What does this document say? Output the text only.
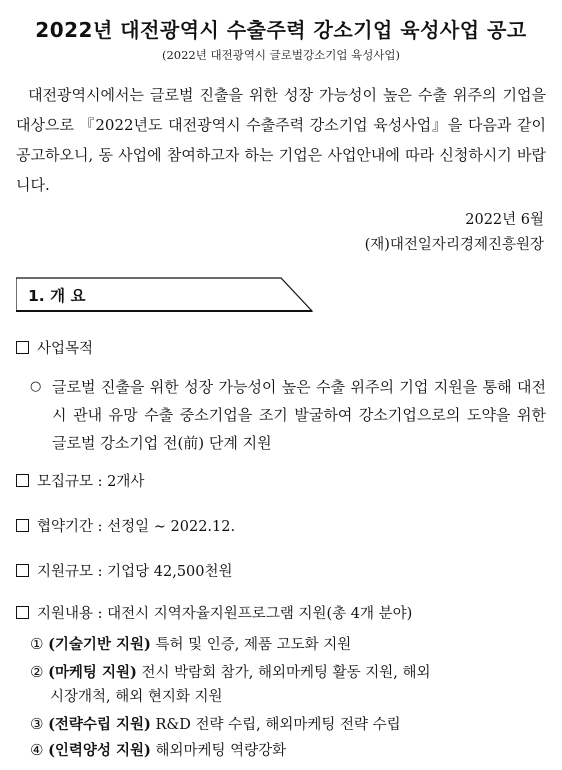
2022년 대전광역시 수출주력 강소기업 육성사업 공고
(2022년 대전광역시 글로벌강소기업 육성사업)
대전광역시에서는 글로벌 진출을 위한 성장 가능성이 높은 수출 위주의 기업을 대상으로 『2022년도 대전광역시 수출주력 강소기업 육성사업』을 다음과 같이 공고하오니, 동 사업에 참여하고자 하는 기업은 사업안내에 따라 신청하시기 바랍니다.
2022년 6월
(재)대전일자리경제진흥원장
1. 개 요
사업목적
○ 글로벌 진출을 위한 성장 가능성이 높은 수출 위주의 기업 지원을 통해 대전시 관내 유망 수출 중소기업을 조기 발굴하여 강소기업으로의 도약을 위한 글로벌 강소기업 전(前) 단계 지원
모집규모 : 2개사
협약기간 : 선정일 ∼ 2022.12.
지원규모 : 기업당 42,500천원
지원내용 : 대전시 지역자율지원프로그램 지원(총 4개 분야)
① (기술기반 지원) 특허 및 인증, 제품 고도화 지원
② (마케팅 지원) 전시 박람회 참가, 해외마케팅 활동 지원, 해외
시장개척, 해외 현지화 지원
③ (전략수립 지원) R&D 전략 수립, 해외마케팅 전략 수립
④ (인력양성 지원) 해외마케팅 역량강화
